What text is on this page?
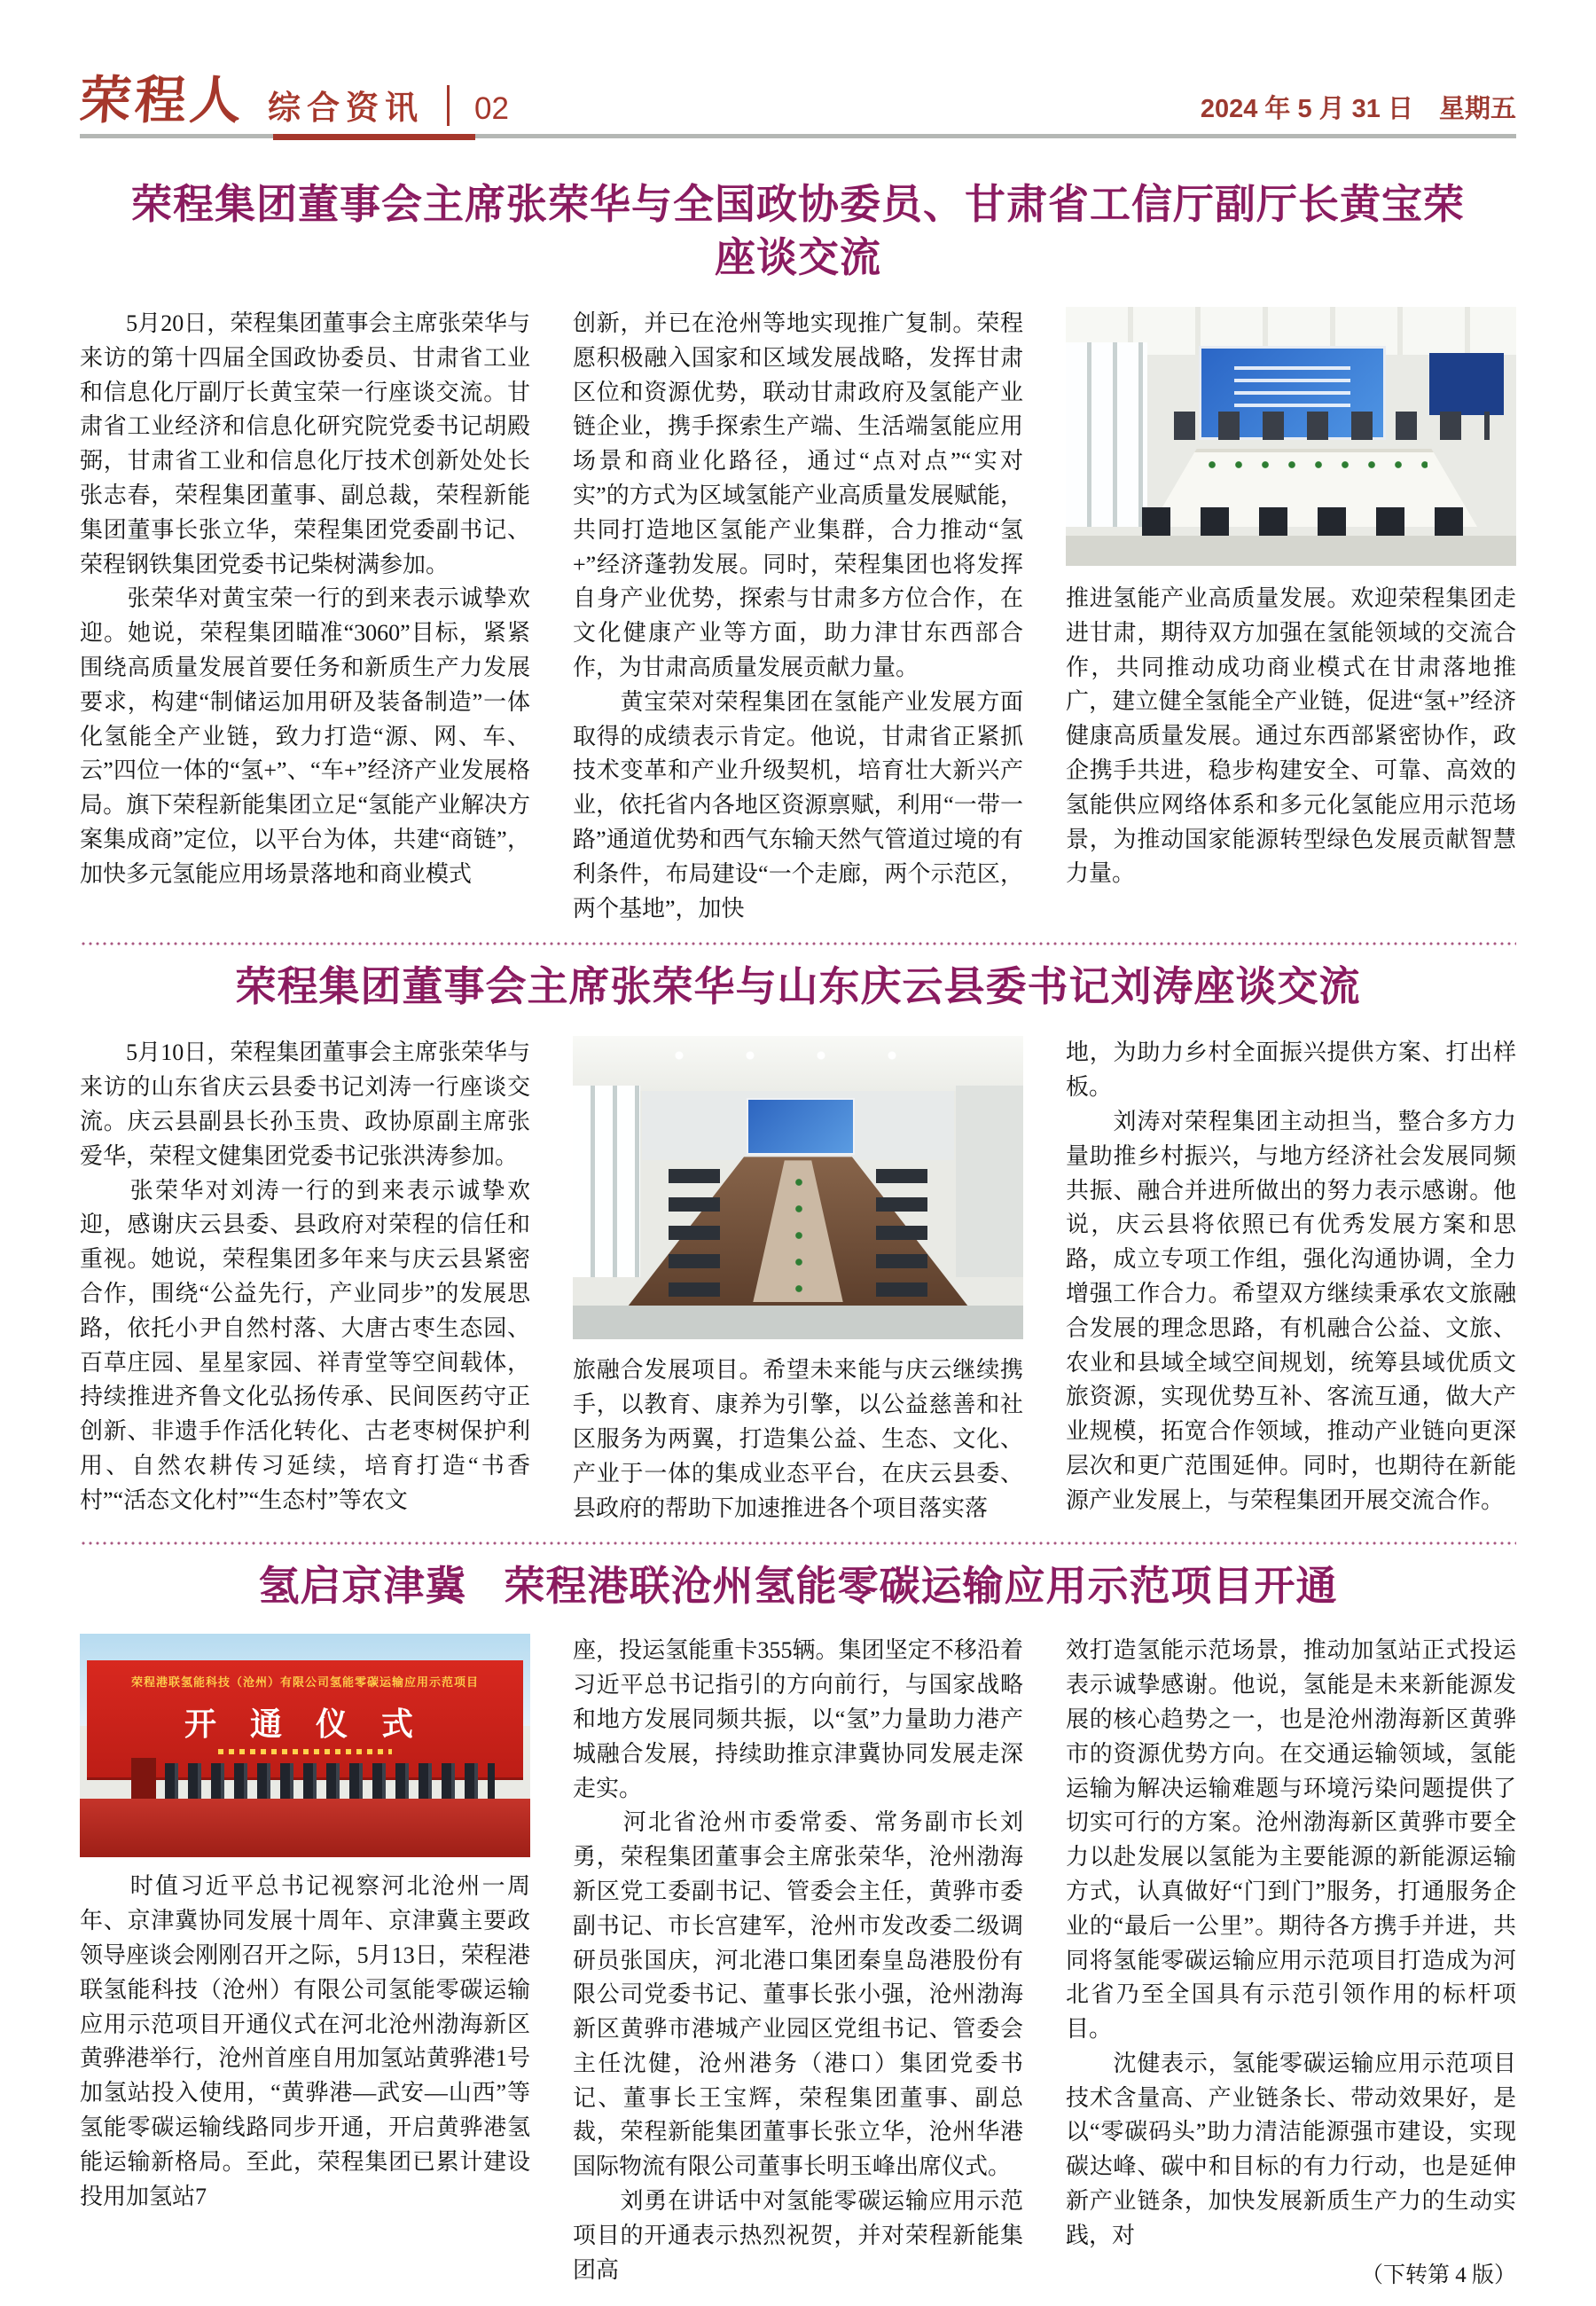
荣程人 综合资讯 02	2024 年 5 月 31 日　星期五
荣程集团董事会主席张荣华与全国政协委员、甘肃省工信厅副厅长黄宝荣
座谈交流

　　5月20日，荣程集团董事会主席张荣华与来访的第十四届全国政协委员、甘肃省工业和信息化厅副厅长黄宝荣一行座谈交流。甘肃省工业经济和信息化研究院党委书记胡殿弼，甘肃省工业和信息化厅技术创新处处长张志春，荣程集团董事、副总裁，荣程新能集团董事长张立华，荣程集团党委副书记、荣程钢铁集团党委书记柴树满参加。

　　张荣华对黄宝荣一行的到来表示诚挚欢迎。她说，荣程集团瞄准“3060”目标，紧紧围绕高质量发展首要任务和新质生产力发展要求，构建“制储运加用研及装备制造”一体化氢能全产业链，致力打造“源、网、车、云”四位一体的“氢+”、“车+”经济产业发展格局。旗下荣程新能集团立足“氢能产业解决方案集成商”定位，以平台为体，共建“商链”，加快多元氢能应用场景落地和商业模式

创新，并已在沧州等地实现推广复制。荣程愿积极融入国家和区域发展战略，发挥甘肃区位和资源优势，联动甘肃政府及氢能产业链企业，携手探索生产端、生活端氢能应用场景和商业化路径，通过“点对点”“实对实”的方式为区域氢能产业高质量发展赋能，共同打造地区氢能产业集群，合力推动“氢+”经济蓬勃发展。同时，荣程集团也将发挥自身产业优势，探索与甘肃多方位合作，在文化健康产业等方面，助力津甘东西部合作，为甘肃高质量发展贡献力量。

　　黄宝荣对荣程集团在氢能产业发展方面取得的成绩表示肯定。他说，甘肃省正紧抓技术变革和产业升级契机，培育壮大新兴产业，依托省内各地区资源禀赋，利用“一带一路”通道优势和西气东输天然气管道过境的有利条件，布局建设“一个走廊，两个示范区，两个基地”，加快

推进氢能产业高质量发展。欢迎荣程集团走进甘肃，期待双方加强在氢能领域的交流合作，共同推动成功商业模式在甘肃落地推广，建立健全氢能全产业链，促进“氢+”经济健康高质量发展。通过东西部紧密协作，政企携手共进，稳步构建安全、可靠、高效的氢能供应网络体系和多元化氢能应用示范场景，为推动国家能源转型绿色发展贡献智慧力量。

荣程集团董事会主席张荣华与山东庆云县委书记刘涛座谈交流

　　5月10日，荣程集团董事会主席张荣华与来访的山东省庆云县委书记刘涛一行座谈交流。庆云县副县长孙玉贵、政协原副主席张爱华，荣程文健集团党委书记张洪涛参加。

　　张荣华对刘涛一行的到来表示诚挚欢迎，感谢庆云县委、县政府对荣程的信任和重视。她说，荣程集团多年来与庆云县紧密合作，围绕“公益先行，产业同步”的发展思路，依托小尹自然村落、大唐古枣生态园、百草庄园、星星家园、祥青堂等空间载体，持续推进齐鲁文化弘扬传承、民间医药守正创新、非遗手作活化转化、古老枣树保护利用、自然农耕传习延续，培育打造“书香村”“活态文化村”“生态村”等农文

旅融合发展项目。希望未来能与庆云继续携手，以教育、康养为引擎，以公益慈善和社区服务为两翼，打造集公益、生态、文化、产业于一体的集成业态平台，在庆云县委、县政府的帮助下加速推进各个项目落实落

地，为助力乡村全面振兴提供方案、打出样板。

　　刘涛对荣程集团主动担当，整合多方力量助推乡村振兴，与地方经济社会发展同频共振、融合并进所做出的努力表示感谢。他说，庆云县将依照已有优秀发展方案和思路，成立专项工作组，强化沟通协调，全力增强工作合力。希望双方继续秉承农文旅融合发展的理念思路，有机融合公益、文旅、农业和县域全域空间规划，统筹县域优质文旅资源，实现优势互补、客流互通，做大产业规模，拓宽合作领域，推动产业链向更深层次和更广范围延伸。同时，也期待在新能源产业发展上，与荣程集团开展交流合作。

氢启京津冀 荣程港联沧州氢能零碳运输应用示范项目开通
荣程港联氢能科技（沧州）有限公司氢能零碳运输应用示范项目
开 通 仪 式

　　时值习近平总书记视察河北沧州一周年、京津冀协同发展十周年、京津冀主要政领导座谈会刚刚召开之际，5月13日，荣程港联氢能科技（沧州）有限公司氢能零碳运输应用示范项目开通仪式在河北沧州渤海新区黄骅港举行，沧州首座自用加氢站黄骅港1号加氢站投入使用，“黄骅港—武安—山西”等氢能零碳运输线路同步开通，开启黄骅港氢能运输新格局。至此，荣程集团已累计建设投用加氢站7

座，投运氢能重卡355辆。集团坚定不移沿着习近平总书记指引的方向前行，与国家战略和地方发展同频共振，以“氢”力量助力港产城融合发展，持续助推京津冀协同发展走深走实。

　　河北省沧州市委常委、常务副市长刘勇，荣程集团董事会主席张荣华，沧州渤海新区党工委副书记、管委会主任，黄骅市委副书记、市长宫建军，沧州市发改委二级调研员张国庆，河北港口集团秦皇岛港股份有限公司党委书记、董事长张小强，沧州渤海新区黄骅市港城产业园区党组书记、管委会主任沈健，沧州港务（港口）集团党委书记、董事长王宝辉，荣程集团董事、副总裁，荣程新能集团董事长张立华，沧州华港国际物流有限公司董事长明玉峰出席仪式。

　　刘勇在讲话中对氢能零碳运输应用示范项目的开通表示热烈祝贺，并对荣程新能集团高

效打造氢能示范场景，推动加氢站正式投运表示诚挚感谢。他说，氢能是未来新能源发展的核心趋势之一，也是沧州渤海新区黄骅市的资源优势方向。在交通运输领域，氢能运输为解决运输难题与环境污染问题提供了切实可行的方案。沧州渤海新区黄骅市要全力以赴发展以氢能为主要能源的新能源运输方式，认真做好“门到门”服务，打通服务企业的“最后一公里”。期待各方携手并进，共同将氢能零碳运输应用示范项目打造成为河北省乃至全国具有示范引领作用的标杆项目。

　　沈健表示，氢能零碳运输应用示范项目技术含量高、产业链条长、带动效果好，是以“零碳码头”助力清洁能源强市建设，实现碳达峰、碳中和目标的有力行动，也是延伸新产业链条，加快发展新质生产力的生动实践，对

（下转第 4 版）
